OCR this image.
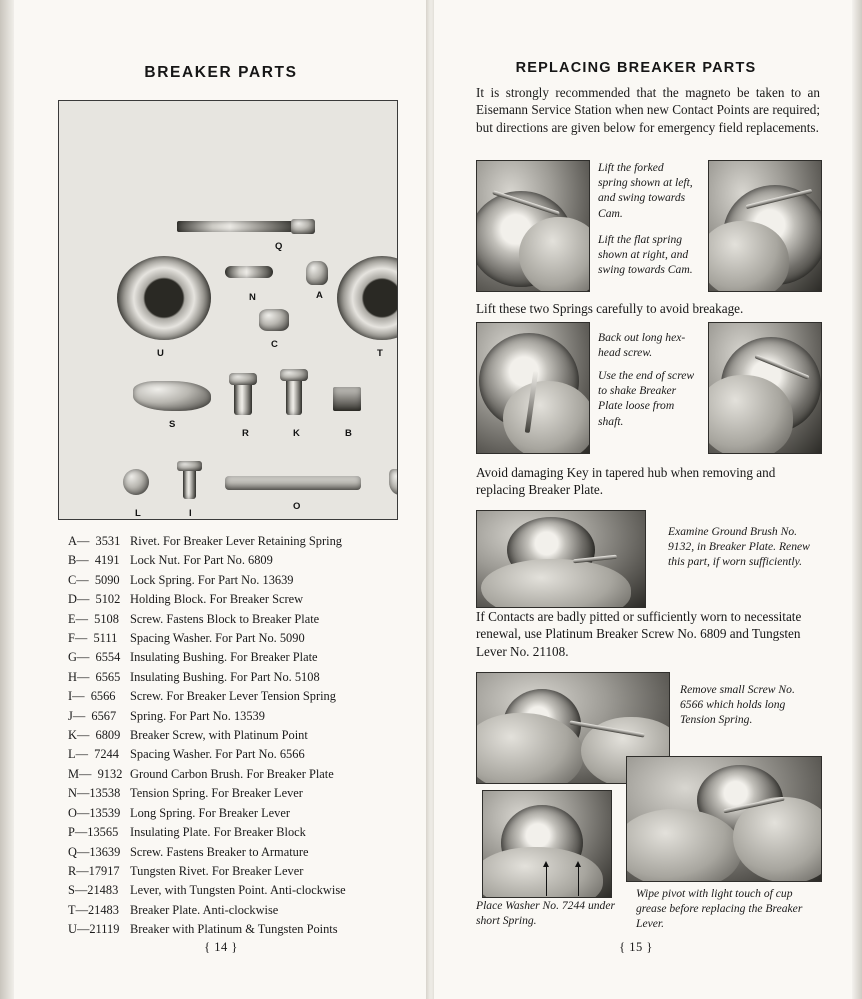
BREAKER PARTS
Q
N	A
C
U	T
S
R	K	B
L	I
O
A—  3531 Rivet. For Breaker Lever Retaining Spring
B—  4191 Lock Nut. For Part No. 6809
C—  5090 Lock Spring. For Part No. 13639
D—  5102 Holding Block. For Breaker Screw
E—  5108 Screw. Fastens Block to Breaker Plate
F—  5111	Spacing Washer. For Part No. 5090
G—  6554 Insulating Bushing. For Breaker Plate
H—  6565 Insulating Bushing. For Part No. 5108
I—  6566	Screw. For Breaker Lever Tension Spring
J—  6567	Spring. For Part No. 13539
K—  6809 Breaker Screw, with Platinum Point
L—  7244 Spacing Washer. For Part No. 6566
M—  9132 Ground Carbon Brush. For Breaker Plate
N—13538 Tension Spring. For Breaker Lever
O—13539 Long Spring. For Breaker Lever
P—13565 Insulating Plate. For Breaker Block
Q—13639 Screw. Fastens Breaker to Armature
R—17917 Tungsten Rivet. For Breaker Lever
S—21483 Lever, with Tungsten Point. Anti-clockwise
T—21483 Breaker Plate. Anti-clockwise
U—21119 Breaker with Platinum & Tungsten Points
{ 14 }
REPLACING BREAKER PARTS
It is strongly recommended that the magneto be taken to an Eisemann Service Station when new Contact Points are required; but directions are given below for emergency field replacements.
Lift the forked spring shown at left, and swing towards Cam.
Lift the flat spring shown at right, and swing towards Cam.
Lift these two Springs carefully to avoid breakage.
Back out long hex-head screw.
Use the end of screw to shake Breaker Plate loose from shaft.
Avoid damaging Key in tapered hub when removing and replacing Breaker Plate.
Examine Ground Brush No. 9132, in Breaker Plate. Renew this part, if worn sufficiently.
If Contacts are badly pitted or sufficiently worn to necessitate renewal, use Platinum Breaker Screw No. 6809 and Tungsten Lever No. 21108.
Remove small Screw No. 6566 which holds long Tension Spring.
Place Washer No. 7244 under short Spring.
Wipe pivot with light touch of cup grease before replacing the Breaker Lever.
{ 15 }
